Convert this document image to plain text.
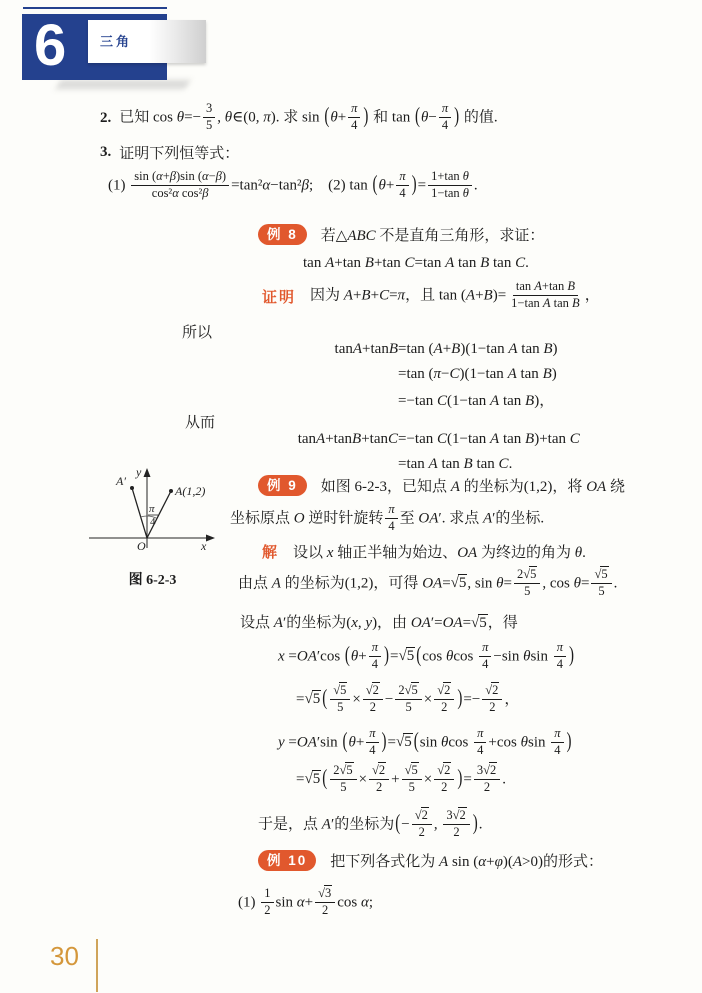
6	三角
2. 已知 $\cos \theta=- \frac{3}{5}$ , θ∈(0, π). 求 $\sin (\theta+ \frac{\pi}{4}$ ) 和 $\tan (\theta- \frac{\pi}{4}$ ) 的值.
3. 证明下列恒等式：
$(1) \frac{\sin (\alpha+\beta)\sin (\alpha-\beta)}{\text{cos²α cos²β}} =\tan^2\alpha-\tan^2\beta$; (2) $\tan (\theta+ \frac{\pi}{4}$ )= $\frac{\text{1+tan θ}}{\text{1−tan θ}}$ .
例 8	若△ABC 不是直角三角形，求证：
tan A+tan B+tan C=tan A tan B tan C.
证明 因为 A+B+C=π，且 $\tan (A+B)= \frac{\text{tan A+tan B}}{\text{1−tan A tan B}}$ ，
所以
tan A +tan B =tan (A+B)(1−tan A tan B)
=tan (π−C)(1−tan A tan B)
=−tan C(1−tan A tan B)，
从而
tan A +tan B +tan C =−tan C(1−tan A tan B)+tan C
=tan A tan B tan C.
π
4
y
x
O
A′
A(1,2)
图 6-2-3
例 9	如图 6-2-3，已知点 A 的坐标为(1,2)，将 OA 绕
坐标原点 O 逆时针旋转 $\frac{\pi}{4}$ 至 OA′. 求点 A′的坐标.
解 设以 x 轴正半轴为始边、OA 为终边的角为 θ.
由点 A 的坐标为(1,2)，可得 OA=√5, $\sin \theta= \frac{2√5}{5}$ , $\cos \theta= \frac{√5}{5}$ .
设点 A′的坐标为(x, y)，由 OA′=OA=√5，得
x =OA′cos $(\theta+ \frac{\pi}{4} )=√5$ (cos θcos $\frac{\pi}{4} -\sin$ θsin $\frac{\pi}{4}$ )
=√5 ( $\frac{√5}{5} \times \frac{√2}{2} - \frac{2√5}{5} \times \frac{√2}{2}$ )=− $\frac{√2}{2}$ ，
y =OA′sin $(\theta+ \frac{\pi}{4} )=√5$ (sin θcos $\frac{\pi}{4} +\cos$ θsin $\frac{\pi}{4}$ )
=√5 ( $\frac{2√5}{5} \times \frac{√2}{2} + \frac{√5}{5} \times \frac{√2}{2}$ )= $\frac{3√2}{2}$ .
于是，点 A′的坐标为(− $\frac{√2}{2}$ , $\frac{3√2}{2}$ ).
例 10	把下列各式化为 A sin (α+φ)(A>0)的形式：
$(1) \frac{1}{2}$ $\sin \alpha+ \frac{√3}{2}$ cos α;
30
